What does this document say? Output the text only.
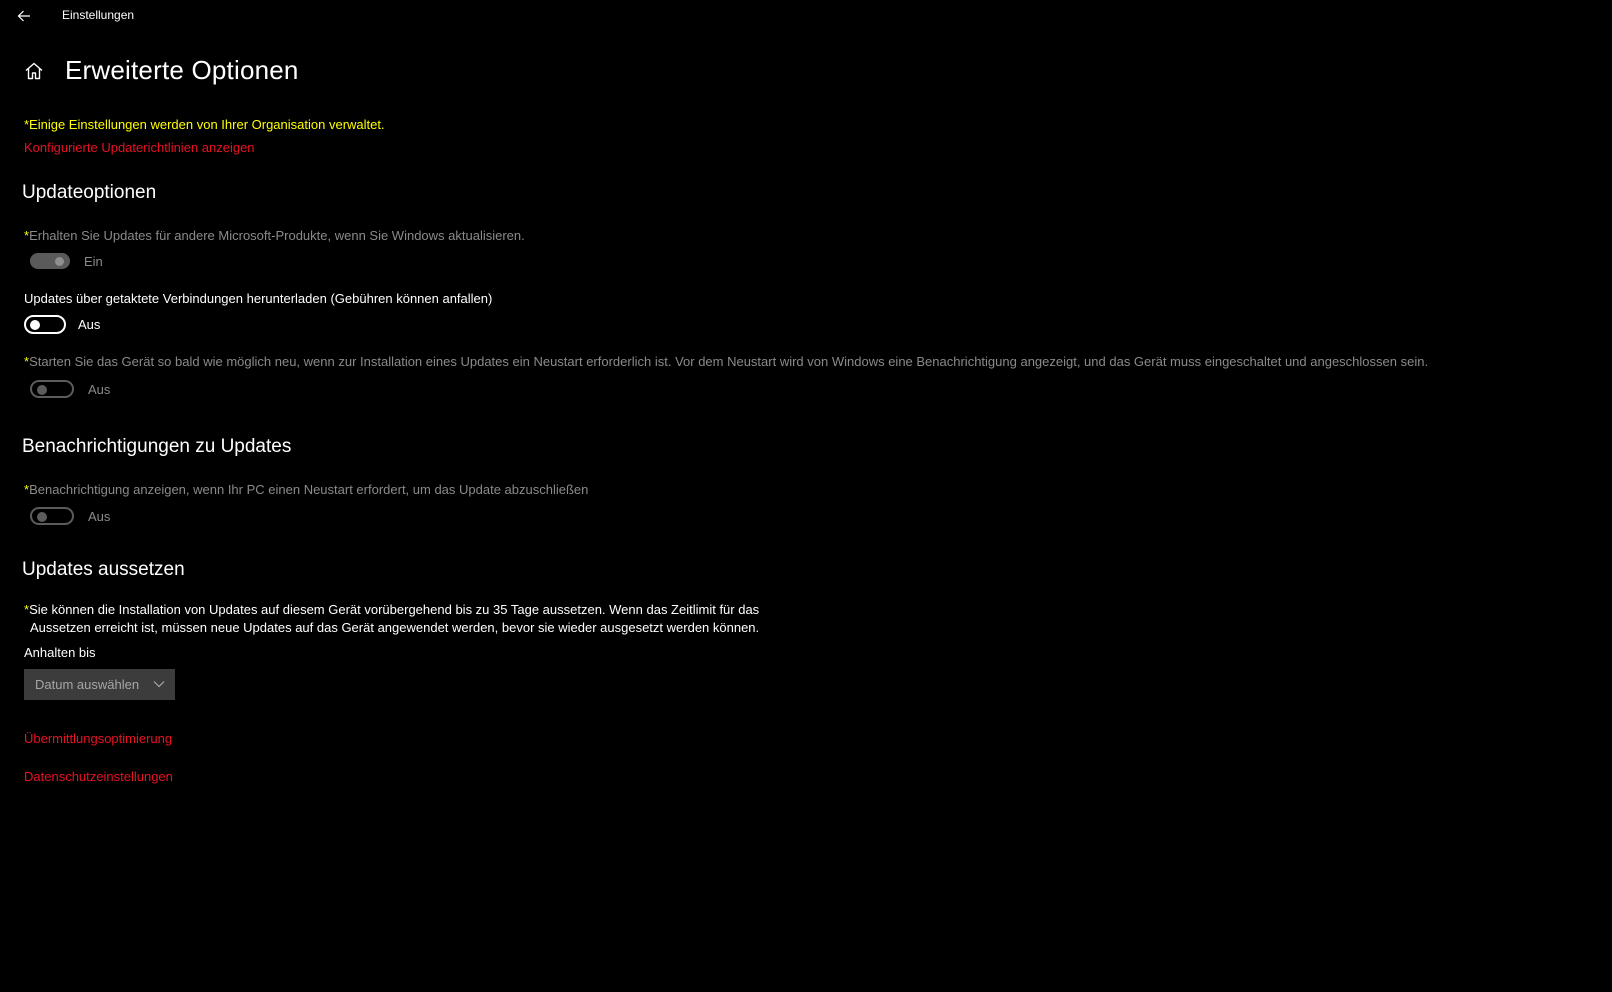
Einstellungen
Erweiterte Optionen
*Einige Einstellungen werden von Ihrer Organisation verwaltet.
Konfigurierte Updaterichtlinien anzeigen
Updateoptionen
*Erhalten Sie Updates für andere Microsoft-Produkte, wenn Sie Windows aktualisieren.
Ein
Updates über getaktete Verbindungen herunterladen (Gebühren können anfallen)
Aus
*Starten Sie das Gerät so bald wie möglich neu, wenn zur Installation eines Updates ein Neustart erforderlich ist. Vor dem Neustart wird von Windows eine Benachrichtigung angezeigt, und das Gerät muss eingeschaltet und angeschlossen sein.
Aus
Benachrichtigungen zu Updates
*Benachrichtigung anzeigen, wenn Ihr PC einen Neustart erfordert, um das Update abzuschließen
Aus
Updates aussetzen
*Sie können die Installation von Updates auf diesem Gerät vorübergehend bis zu 35 Tage aussetzen. Wenn das Zeitlimit für das
Aussetzen erreicht ist, müssen neue Updates auf das Gerät angewendet werden, bevor sie wieder ausgesetzt werden können.
Anhalten bis
Datum auswählen
Übermittlungsoptimierung
Datenschutzeinstellungen
